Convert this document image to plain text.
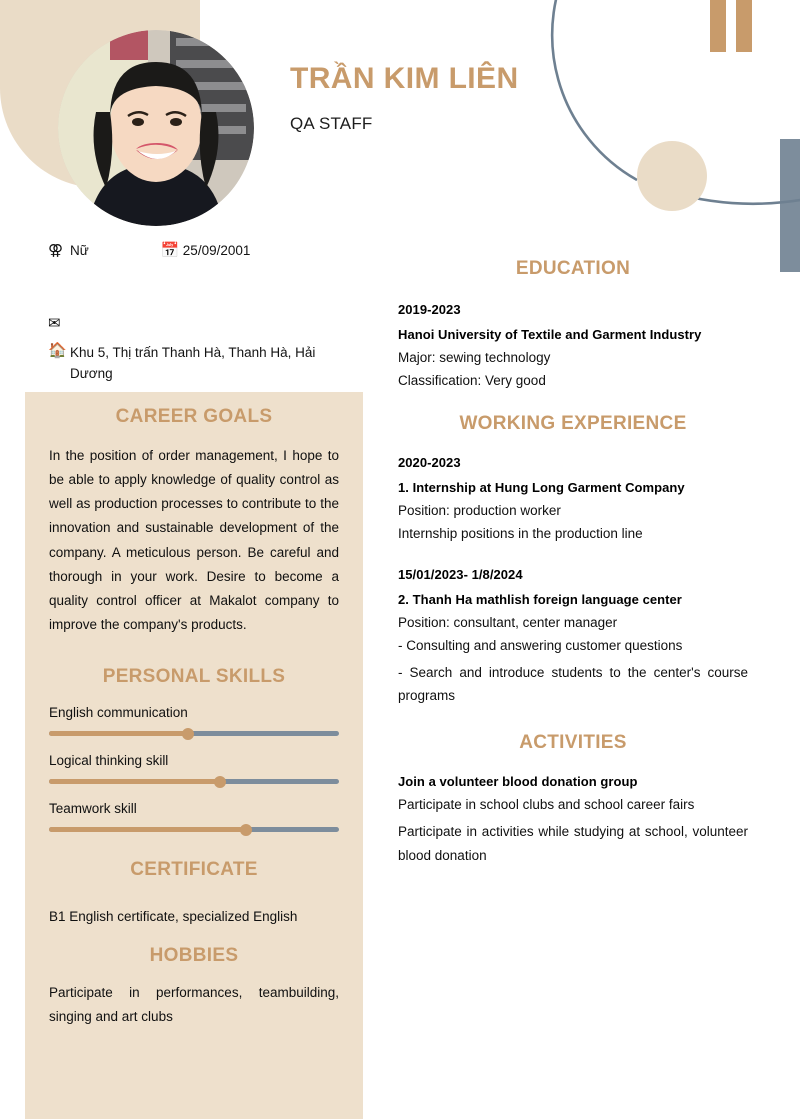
TRẦN KIM LIÊN
QA STAFF
⚢ Nữ	📅 25/09/2001
✉
🏠 Khu 5, Thị trấn Thanh Hà, Thanh Hà, Hải Dương
CAREER GOALS
In the position of order management, I hope to be able to apply knowledge of quality control as well as production processes to contribute to the innovation and sustainable development of the company. A meticulous person. Be careful and thorough in your work. Desire to become a quality control officer at Makalot company to improve the company's products.
PERSONAL SKILLS
English communication
Logical thinking skill
Teamwork skill
CERTIFICATE
B1 English certificate, specialized English
HOBBIES
Participate in performances, teambuilding, singing and art clubs
EDUCATION
2019-2023
Hanoi University of Textile and Garment Industry
Major: sewing technology
Classification: Very good
WORKING EXPERIENCE
2020-2023
1. Internship at Hung Long Garment Company
Position: production worker
Internship positions in the production line
15/01/2023- 1/8/2024
2. Thanh Ha mathlish foreign language center
Position: consultant, center manager
- Consulting and answering customer questions
- Search and introduce students to the center's course programs
ACTIVITIES
Join a volunteer blood donation group
Participate in school clubs and school career fairs
Participate in activities while studying at school, volunteer blood donation
